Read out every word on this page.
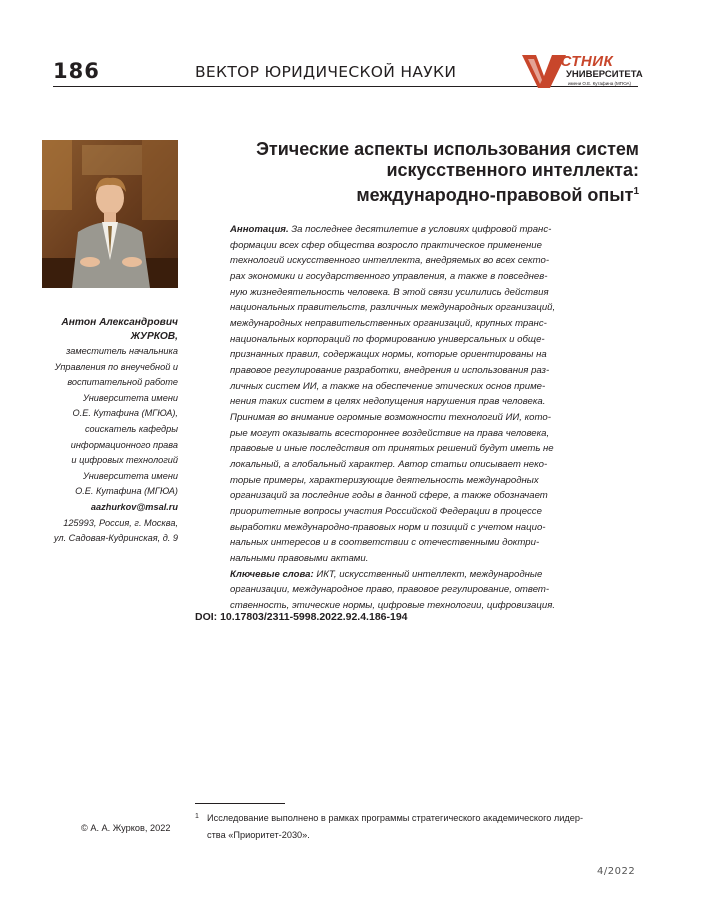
186	ВЕКТОР ЮРИДИЧЕСКОЙ НАУКИ
ЕСТНИК
УНИВЕРСИТЕТА
имени О.Е. Кутафина (МГЮА)
Этические аспекты использования систем
искусственного интеллекта:
международно-правовой опыт$^1$
Антон Александрович
ЖУРКОВ,
заместитель начальника
Управления по внеучебной и
воспитательной работе
Университета имени
О.Е. Кутафина (МГЮА),
соискатель кафедры
информационного права
и цифровых технологий
Университета имени
О.Е. Кутафина (МГЮА)
aazhurkov@msal.ru
125993, Россия, г. Москва,
ул. Садовая-Кудринская, д. 9

Аннотация. За последнее десятилетие в условиях цифровой транс-

формации всех сфер общества возросло практическое применение

технологий искусственного интеллекта, внедряемых во всех секто-

рах экономики и государственного управления, а также в повседнев-

ную жизнедеятельность человека. В этой связи усилились действия

национальных правительств, различных международных организаций,

международных неправительственных организаций, крупных транс-

национальных корпораций по формированию универсальных и обще-

признанных правил, содержащих нормы, которые ориентированы на

правовое регулирование разработки, внедрения и использования раз-

личных систем ИИ, а также на обеспечение этических основ приме-

нения таких систем в целях недопущения нарушения прав человека.

Принимая во внимание огромные возможности технологий ИИ, кото-

рые могут оказывать всестороннее воздействие на права человека,

правовые и иные последствия от принятых решений будут иметь не

локальный, а глобальный характер. Автор статьи описывает неко-

торые примеры, характеризующие деятельность международных

организаций за последние годы в данной сфере, а также обозначает

приоритетные вопросы участия Российской Федерации в процессе

выработки международно-правовых норм и позиций с учетом нацио-

нальных интересов и в соответствии с отечественными доктри-

нальными правовыми актами.

Ключевые слова: ИКТ, искусственный интеллект, международные

организации, международное право, правовое регулирование, ответ-

ственность, этические нормы, цифровые технологии, цифровизация.

DOI: 10.17803/2311-5998.2022.92.4.186-194
© А. А. Журков, 2022
1 Исследование выполнено в рамках программы стратегического академического лидер-
ства «Приоритет-2030».
4/2022
